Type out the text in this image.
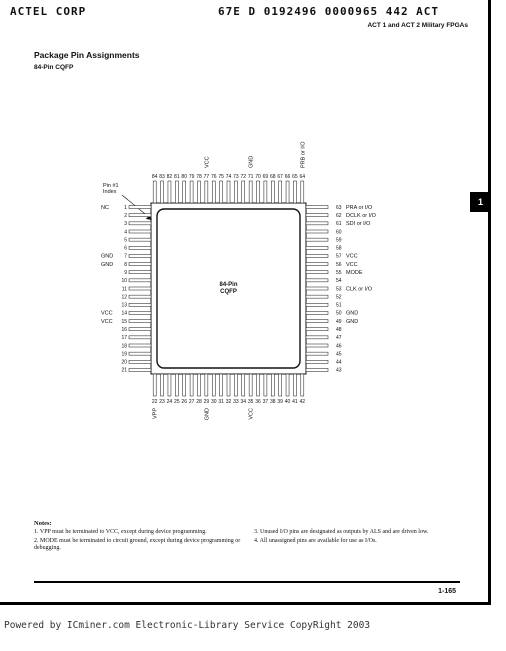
ACTEL CORP	67E D 0192496 0000965 442 ACT
ACT 1 and ACT 2 Military FPGAs
Package Pin Assignments
84-Pin CQFP
1
84-Pin
CQFP
Pin #1
Index
1
NC
2
3
4
5
6
7
GND
8
GND
9
10
11
12
13
14
VCC
15
VCC
16
17
18
19
20
21
63 PRA or I/O
62 DCLK or I/O
61 SDI or I/O
60
59
58
57 VCC
56 VCC
55 MODE
54
53 CLK or I/O
52
51
50 GND
49 GND
48
47
46
45
44
43
84 83 82 81 80 79 78 77
VCC
76 75 74 73 72 71
GND
70 69 68 67 66 65 64
PRB or I/O
22
VPP
23 24 25 26 27 28 29
GND
30 31 32 33 34 35
VCC
36 37 38 39 40 41 42
Notes:
1. VPP must be terminated to VCC, except during device programming.
2. MODE must be terminated to circuit ground, except during device programming or debugging.
3. Unused I/O pins are designated as outputs by ALS and are driven low.
4. All unassigned pins are available for use as I/Os.
1-165
Powered by ICminer.com Electronic-Library Service CopyRight 2003
